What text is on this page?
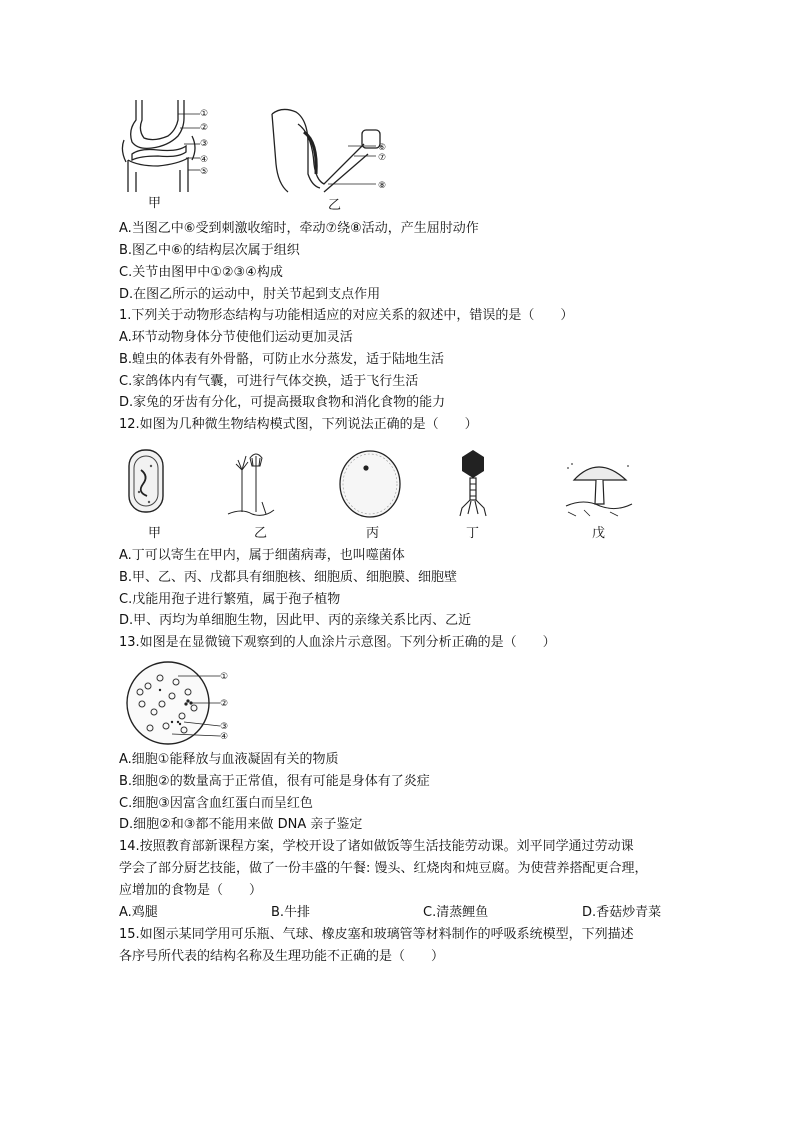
①
②
③
④
⑤
甲
⑥
⑦
⑧
乙
A.当图乙中⑥受到刺激收缩时，牵动⑦绕⑧活动，产生屈肘动作
B.图乙中⑥的结构层次属于组织
C.关节由图甲中①②③④构成
D.在图乙所示的运动中，肘关节起到支点作用
1.下列关于动物形态结构与功能相适应的对应关系的叙述中，错误的是（　　）
A.环节动物身体分节使他们运动更加灵活
B.蝗虫的体表有外骨骼，可防止水分蒸发，适于陆地生活
C.家鸽体内有气囊，可进行气体交换，适于飞行生活
D.家兔的牙齿有分化，可提高摄取食物和消化食物的能力
12.如图为几种微生物结构模式图，下列说法正确的是（　　）
甲	乙	丙	丁	戊
A.丁可以寄生在甲内，属于细菌病毒，也叫噬菌体
B.甲、乙、丙、戊都具有细胞核、细胞质、细胞膜、细胞壁
C.戊能用孢子进行繁殖，属于孢子植物
D.甲、丙均为单细胞生物，因此甲、丙的亲缘关系比丙、乙近
13.如图是在显微镜下观察到的人血涂片示意图。下列分析正确的是（　　）
①
②
③
④
A.细胞①能释放与血液凝固有关的物质
B.细胞②的数量高于正常值，很有可能是身体有了炎症
C.细胞③因富含血红蛋白而呈红色
D.细胞②和③都不能用来做 DNA 亲子鉴定
14.按照教育部新课程方案，学校开设了诸如做饭等生活技能劳动课。刘平同学通过劳动课
学会了部分厨艺技能，做了一份丰盛的午餐: 馒头、红烧肉和炖豆腐。为使营养搭配更合理，
应增加的食物是（　　）
A.鸡腿	B.牛排	C.清蒸鲤鱼	D.香菇炒青菜
15.如图示某同学用可乐瓶、气球、橡皮塞和玻璃管等材料制作的呼吸系统模型，下列描述
各序号所代表的结构名称及生理功能不正确的是（　　）
